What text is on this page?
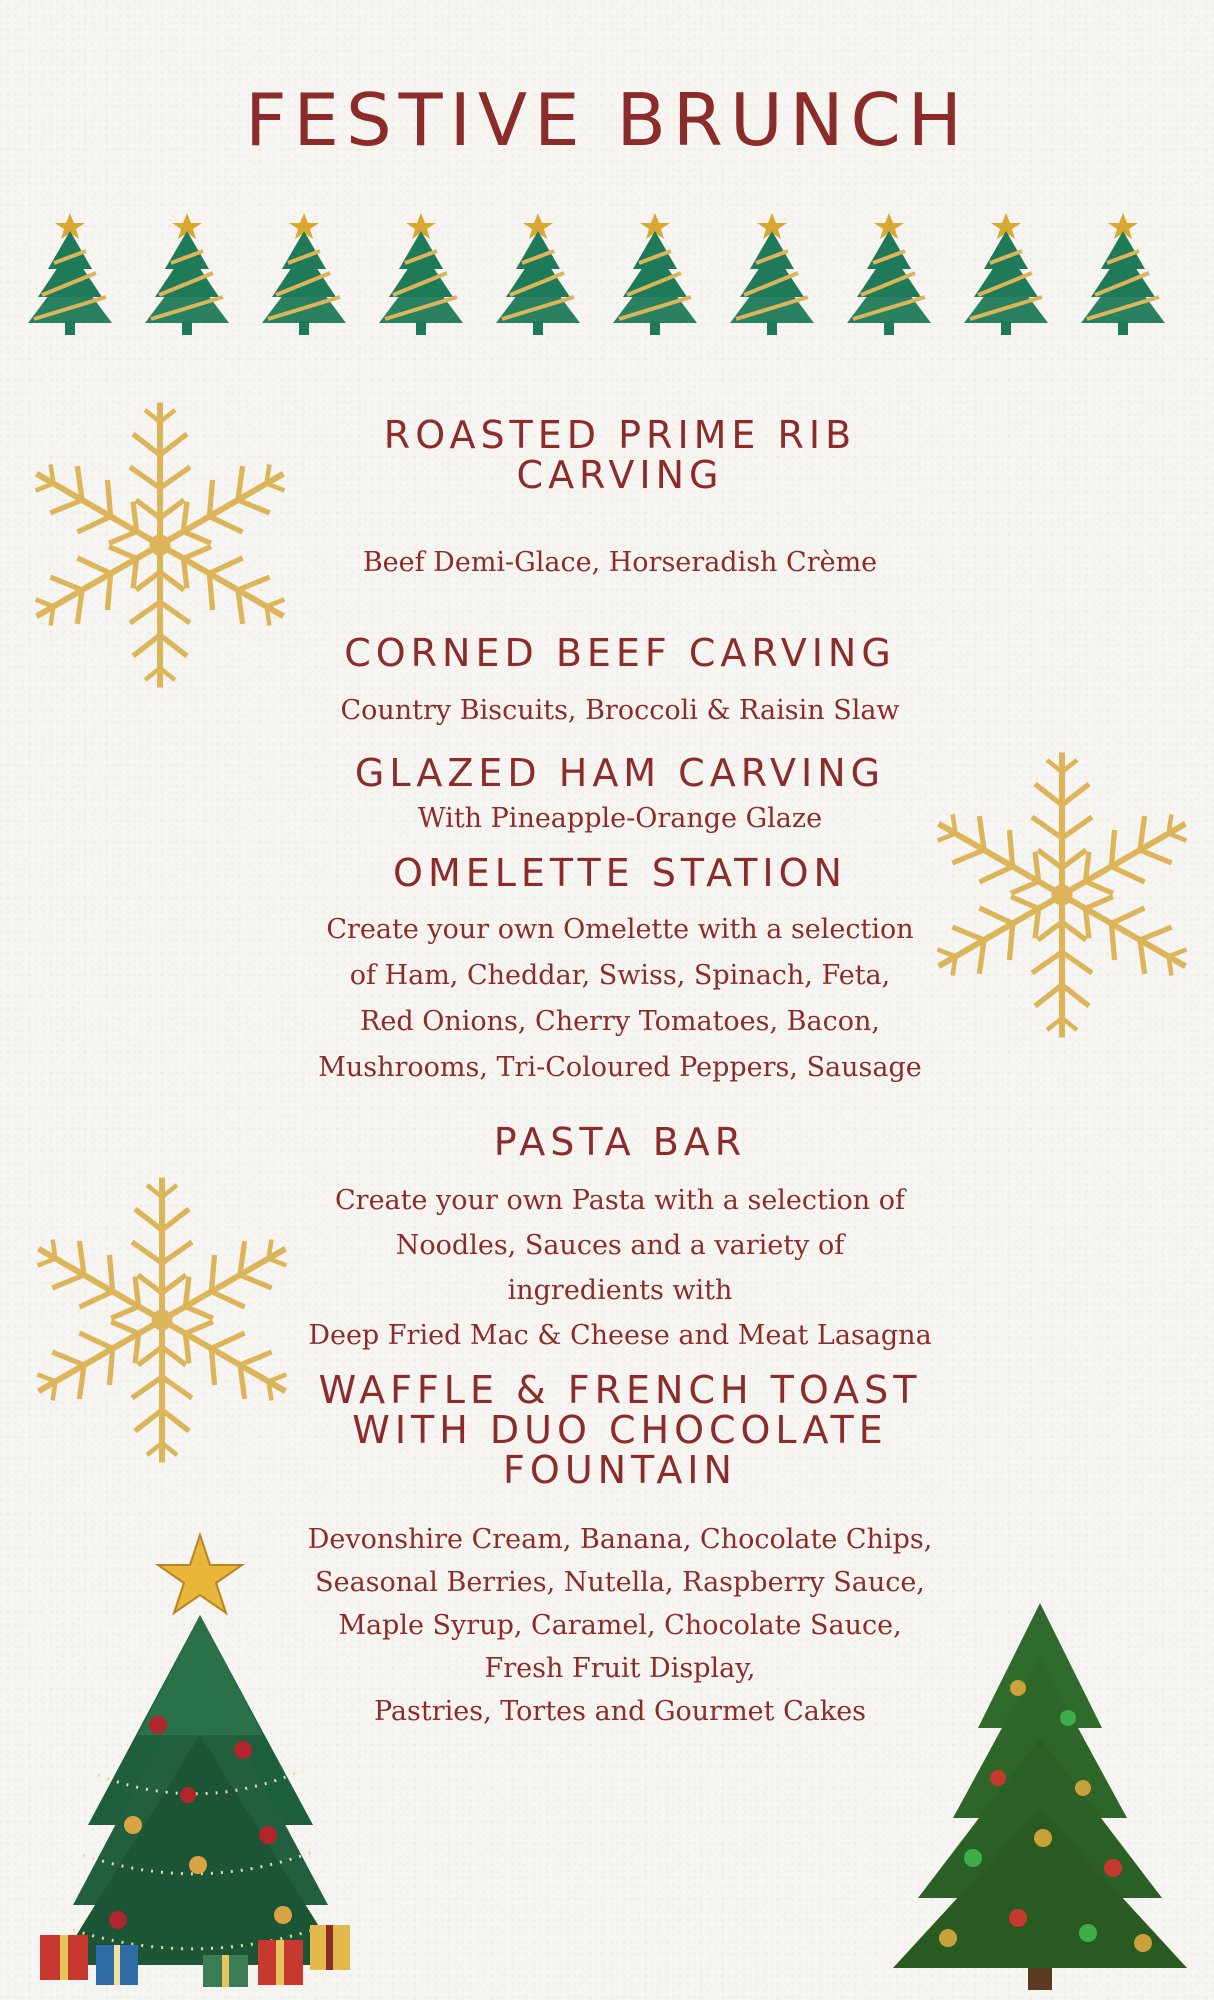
FESTIVE BRUNCH
ROASTED PRIME RIB
CARVING
Beef Demi-Glace, Horseradish Crème
CORNED BEEF CARVING
Country Biscuits, Broccoli & Raisin Slaw
GLAZED HAM CARVING
With Pineapple-Orange Glaze
OMELETTE STATION
Create your own Omelette with a selection
of Ham, Cheddar, Swiss, Spinach, Feta,
Red Onions, Cherry Tomatoes, Bacon,
Mushrooms, Tri-Coloured Peppers, Sausage
PASTA BAR
Create your own Pasta with a selection of
Noodles, Sauces and a variety of
ingredients with
Deep Fried Mac & Cheese and Meat Lasagna
WAFFLE & FRENCH TOAST
WITH DUO CHOCOLATE
FOUNTAIN
Devonshire Cream, Banana, Chocolate Chips,
Seasonal Berries, Nutella, Raspberry Sauce,
Maple Syrup, Caramel, Chocolate Sauce,
Fresh Fruit Display,
Pastries, Tortes and Gourmet Cakes
